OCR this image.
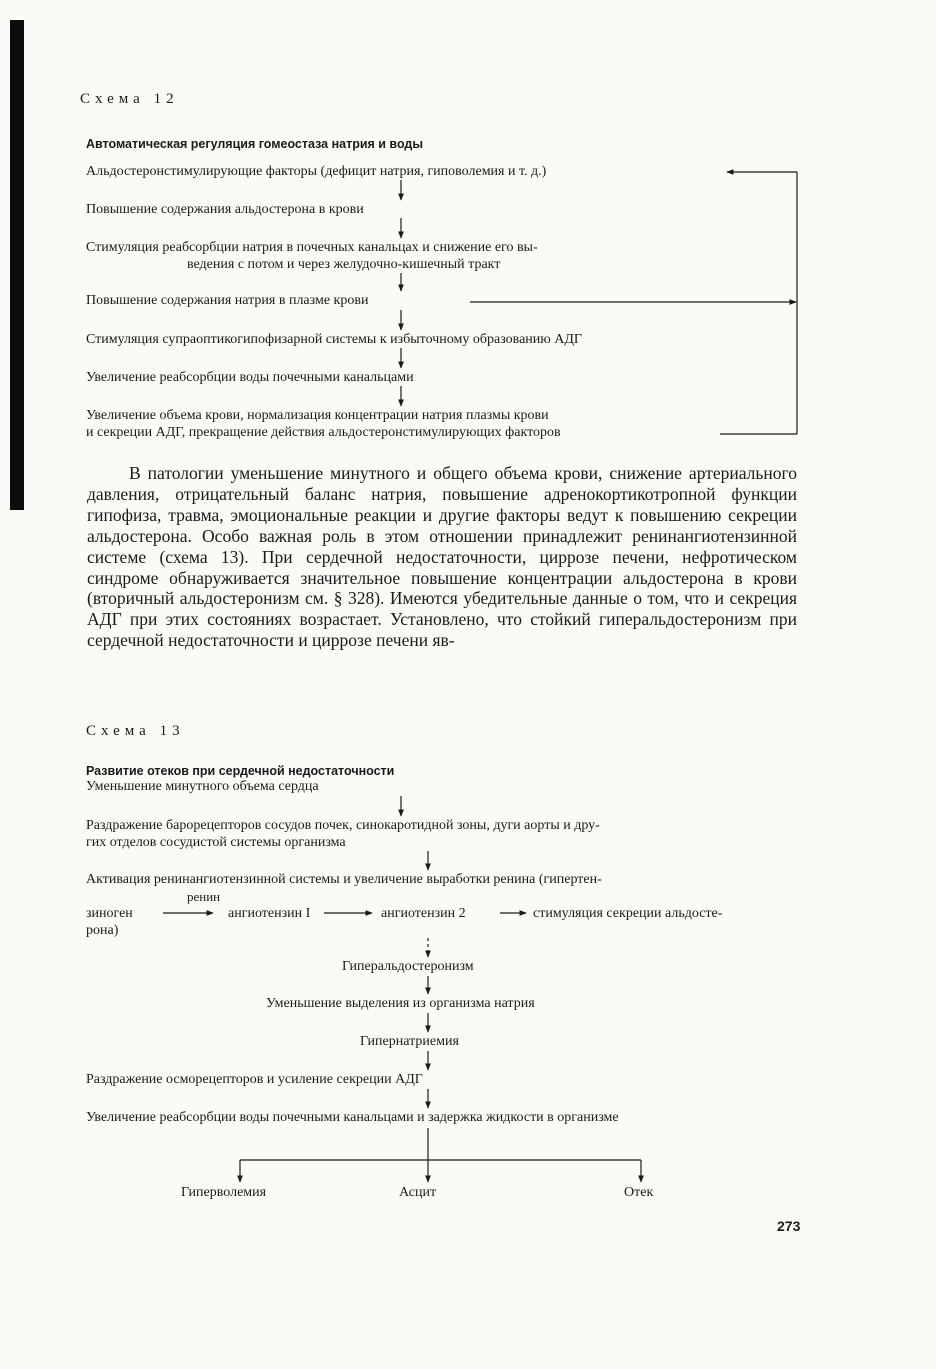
Схема 12
Автоматическая регуляция гомеостаза натрия и воды
Альдостеронстимулирующие факторы (дефицит натрия, гиповолемия и т. д.)
Повышение содержания альдостерона в крови
Стимуляция реабсорбции натрия в почечных канальцах и снижение его вы-
ведения с потом и через желудочно-кишечный тракт
Повышение содержания натрия в плазме крови
Стимуляция супраоптикогипофизарной системы к избыточному образованию АДГ
Увеличение реабсорбции воды почечными канальцами
Увеличение объема крови, нормализация концентрации натрия плазмы крови
и секреции АДГ, прекращение действия альдостеронстимулирующих факторов

В патологии уменьшение минутного и общего объема крови, снижение артериального давления, отрицательный баланс натрия, повышение адренокортикотропной функции гипофиза, травма, эмоциональные реакции и другие факторы ведут к повышению секреции альдостерона. Особо важная роль в этом отношении принадлежит ренинангиотензинной системе (схема 13). При сердечной недостаточности, циррозе печени, нефротическом синдроме обнаруживается значительное повышение концентрации альдостерона в крови (вторичный альдостеронизм см. § 328). Имеются убедительные данные о том, что и секреция АДГ при этих состояниях возрастает. Установлено, что стойкий гиперальдостеронизм при сердечной недостаточности и циррозе печени яв-

Схема 13
Развитие отеков при сердечной недостаточности
Уменьшение минутного объема сердца
Раздражение барорецепторов сосудов почек, синокаротидной зоны, дуги аорты и дру-
гих отделов сосудистой системы организма
Активация ренинангиотензинной системы и увеличение выработки ренина (гипертен-
ренин
зиноген	ангиотензин I	ангиотензин 2	стимуляция секреции альдосте-
рона)
Гиперальдостеронизм
Уменьшение выделения из организма натрия
Гипернатриемия
Раздражение осморецепторов и усиление секреции АДГ
Увеличение реабсорбции воды почечными канальцами и задержка жидкости в организме
Гиперволемия	Асцит	Отек
273
